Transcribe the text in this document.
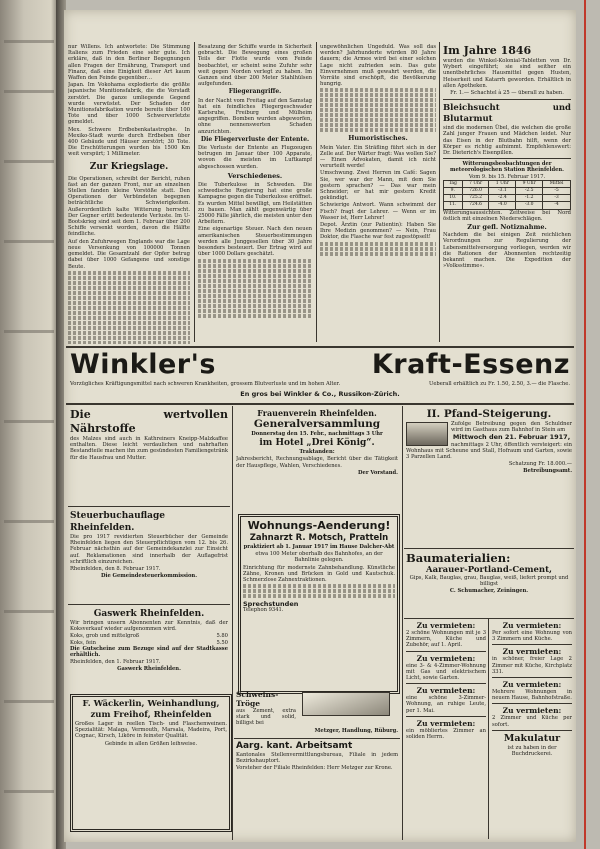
nur Willens. Ich antwortete: Die Stimmung Italiens zum Frieden eine sehr gute. Ich erkläre, daß in den Berliner Begegnungen allen Fragen der Ernährung, Transport und Finanz, daß eine Einigkeit dieser Art kaum Waffen den Feinde gegenüber…

Japan. Im Vokohama explodierte die größte japanische Munitionsfabrik, die die Vorstadt zerstört. Die ganze umliegende Gegend wurde verwüstet. Der Schaden der Munitionsfabrikation wurde bereits über 100 Tote und über 1000 Schwerverletzte gemeldet.

Mex. Schwere Erdbebenkatastrophe. In Mexiko-Stadt wurde durch Erdbeben über 400 Gebäude und Häuser zerstört; 30 Tote. Die Erschütterungen wurden bis 1500 Km weit verspürt; 1 Millimeter.

Zur Kriegslage.

Die Operationen, schreibt der Bericht, ruhen fast an der ganzen Front, nur an einzelnen Stellen fanden kleine Vorstöße statt. Den Operationen der Verbündeten begegnen beträchtliche Schwierigkeiten. Außerordentlich kalte Witterung herrscht. Der Gegner erlitt bedeutende Verluste. Im U-Bootskrieg sind seit dem 1. Februar über 200 Schiffe versenkt worden, davon die Hälfte feindliche.

Auf den Zufuhrwegen Englands war die Lage neue Versenkung von 100000 Tonnen gemeldet. Die Gesamtzahl der Opfer betrug dabei über 1000 Gefangene und sonstige Beute.

Besatzung der Schiffe wurde in Sicherheit gebracht. Die Bewegung eines großen Teils der Flotte wurde vom Feinde beobachtet, er scheint seine Zufuhr sehr weit gegen Norden verlegt zu haben. Im Ganzen sind über 200 Meter Stahlhülsen aufgefunden.

Fliegerangriffe.

In der Nacht vom Freitag auf den Samstag hat ein feindliches Fliegergeschwader Karlsruhe, Freiburg und Mülheim angegriffen. Bomben wurden abgeworfen, ohne nennenswerten Schaden anzurichten.

Die Fliegerverluste der Entente.

Die Verluste der Entente an Flugzeugen betrugen im Januar über 100 Apparate, wovon die meisten im Luftkampf abgeschossen wurden.

Verschiedenes.

Die Tuberkulose in Schweden. Die schwedische Regierung hat eine große Kampagne gegen die Tuberkulose eröffnet. Es wurden Mittel bewilligt, um Heilstätten zu bauen. Man zählt gegenwärtig über 25000 Fälle jährlich, die meisten unter den Arbeitern.

Eine eigenartige Steuer. Nach den neuen amerikanischen Steuerbestimmungen werden alle Junggesellen über 30 Jahre besonders besteuert. Der Ertrag wird auf über 1000 Dollars geschätzt.

ungewöhnlichen Ungeduld. Was soll das werden? Jahrhunderte würden 80 Jahre dauern; die Armee wird bei einer solchen Lage nicht zufrieden sein. Das gute Einvernehmen muß gewahrt werden, die Vorräte sind erschöpft, die Bevölkerung hungrig.

Humoristisches.

Mein Vater. Ein Sträfling führt sich in der Zelle auf. Der Wärter fragt: Was wollen Sie? — Einen Advokaten, damit ich nicht verurteilt werde!

Umschwung. Zwei Herren im Café: Sagen Sie, wer war der Mann, mit dem Sie gestern sprachen? — Das war mein Schneider; er hat mir gestern Kredit gekündigt.

Schwierige Antwort. Wann schwimmt der Fisch? fragt der Lehrer. — Wenn er im Wasser ist, Herr Lehrer!

Depot. Ärztin (zur Patientin): Haben Sie Ihre Medizin genommen? — Nein, Frau Doktor, die Flasche war fest zugestöpselt!

Im Jahre 1846

wurden die Winkel-Kolonial-Tabletten von Dr. Wybert eingeführt; sie sind seither ein unentbehrliches Hausmittel gegen Husten, Heiserkeit und Katarrh geworden. Erhältlich in allen Apotheken.

Fr. 1.— Schachtel à 25 — überall zu haben.

Bleichsucht und Blutarmut

sind die modernen Übel, die welchen die große Zahl junger Frauen und Mädchen leidet. Nur das Eisen in der Blutbahn hilft, wenn der Körper es richtig aufnimmt. Empfehlenswert: Dr. Dieterich's Eisenpillen.

Witterungsbeobachtungen der meteorologischen Station Rheinfelden.
Vom 9. bis 15. Februar 1917.
Tag	7 Uhr	1 Uhr	9 Uhr	Mittel
9.	726.0	-3.1	-2.5	-5
10.	725.2	-2.4	-1.2	-3
11.	724.6	-4.0	-3.0	-4

Witterungsaussichten. Zeitweise bei Nord östlich mit einzelnen Niederschlägen.

Zur gefl. Notiznahme.

Nachdem die bei einigen Zeit reichlichen Verordnungen zur Regulierung der Lebensmittelversorgung vorliegen, werden wir die Rationen der Abonnenten rechtzeitig bekannt machen. Die Expedition der »Volksstimme«.

Winkler's	Kraft-Essenz
Vorzügliches Kräftigungsmittel nach schweren Krankheiten, grossem Blutverluste und im hohen Alter.	Ueberall erhältlich zu Fr. 1.50, 2.50, 3.— die Flasche.
En gros bei Winkler & Co., Russikon-Zürich.
Die wertvollen Nährstoffe

des Malzes sind auch in Kathreiners Kneipp-Malzkaffee enthalten. Diese leicht verdaulichen und nahrhaften Bestandteile machen ihn zum gesündesten Familiengetränk für die Hausfrau und Mutter.

Steuerbuchauflage Rheinfelden.

Die pro 1917 revidierten Steuerbücher der Gemeinde Rheinfelden liegen den Steuerpflichtigen vom 12. bis 26. Februar nächsthin auf der Gemeindekanzlei zur Einsicht auf. Reklamationen sind innerhalb der Auflagefrist schriftlich einzureichen.

Rheinfelden, den 8. Februar 1917.

Die Gemeindesteuerkommission.

Gaswerk Rheinfelden.

Wir bringen unsern Abonnenten zur Kenntnis, daß der Koksverkauf wieder aufgenommen wird.

Koks, grob und mittelgroß	5.80
Koks, fein	5.50

Die Gutscheine zum Bezuge sind auf der Stadtkasse erhältlich.

Rheinfelden, den 1. Februar 1917.

Gaswerk Rheinfelden.

F. Wäckerlin, Weinhandlung,
zum Freihof, Rheinfelden

Großes Lager in reellen Tisch- und Flaschenweinen. Spezialität: Malaga, Vermouth, Marsala, Madeira, Port, Cognac, Kirsch, Liköre in feinster Qualität.

Gebinde in allen Größen leihweise.

Frauenverein Rheinfelden.
Generalversammlung

Donnerstag den 15. Febr., nachmittags 3 Uhr

im Hotel „Drei König“.

Traktanden:

Jahresbericht, Rechnungsablage, Bericht über die Tätigkeit der Hauspflege, Wahlen, Verschiedenes.

Der Vorstand.

Wohnungs-Aenderung!
Zahnarzt R. Motsch, Pratteln

praktiziert ab 1. Januar 1917 im Hause Dalcher-Abt

etwa 100 Meter oberhalb des Bahnhofes, an der Bahnlinie gelegen.

Einrichtung für modernste Zahnbehandlung. Künstliche Zähne, Kronen und Brücken in Gold und Kautschuk. Schmerzlose Zahnextraktionen.

Sprechstunden

Telephon 9341.

Schweins-Tröge

aus Zement, extra stark und solid, billigst bei

Metzger, Handlung, Rüburg.

Aarg. kant. Arbeitsamt

Kantonales Stellenvermittlungsbureau, Filiale in jedem Bezirkshauptort.

Vorsteher der Filiale Rheinfelden: Herr Metzger zur Krone.

II. Pfand-Steigerung.

Zufolge Betreibung gegen den Schuldner wird im Gasthaus zum Bahnhof in Stein am

Mittwoch den 21. Februar 1917,

nachmittags 2 Uhr, öffentlich versteigert: ein Wohnhaus mit Scheune und Stall, Hofraum und Garten, sowie 3 Parzellen Land.

Schatzung Fr. 18.000.—

Betreibungsamt.

Baumaterialien:
Aarauer-Portland-Cement,

Gips, Kalk, Bauglas, grau, Bauglas, weiß, liefert prompt und billigst

C. Schumacher, Zeiningen.

Zu vermieten:

2 schöne Wohnungen mit je 3 Zimmern, Küche und Zubehör, auf 1. April.

Zu vermieten:

eine 3- & 4-Zimmer-Wohnung mit Gas und elektrischem Licht, sowie Garten.

Zu vermieten:

eine schöne 3-Zimmer-Wohnung, an ruhige Leute, per 1. Mai.

Zu vermieten:

ein möbliertes Zimmer an soliden Herrn.

Zu vermieten:

Per sofort eine Wohnung von 3 Zimmern und Küche.

Zu vermieten:

in schöner, freier Lage 2 Zimmer mit Küche, Kirchplatz 331.

Zu vermieten:

Mehrere Wohnungen in neuem Hause, Bahnhofstraße.

Zu vermieten:

2 Zimmer und Küche per sofort.

Makulatur

ist zu haben in der Buchdruckerei.
